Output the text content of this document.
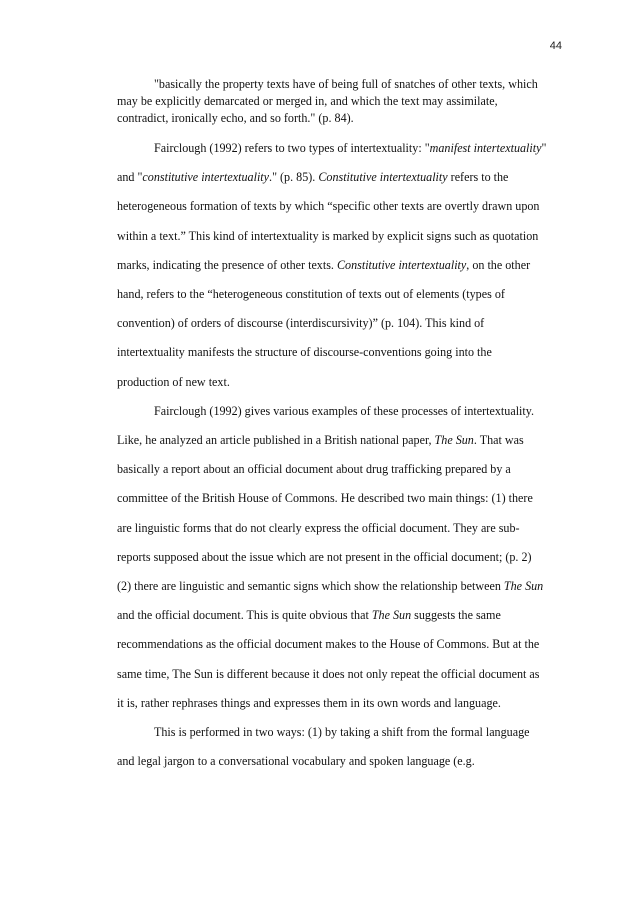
44

"basically the property texts have of being full of snatches of other texts, which may be explicitly demarcated or merged in, and which the text may assimilate, contradict, ironically echo, and so forth." (p. 84).

Fairclough (1992) refers to two types of intertextuality: "manifest intertextuality" and "constitutive intertextuality." (p. 85). Constitutive intertextuality refers to the heterogeneous formation of texts by which “specific other texts are overtly drawn upon within a text.” This kind of intertextuality is marked by explicit signs such as quotation marks, indicating the presence of other texts. Constitutive intertextuality, on the other hand, refers to the “heterogeneous constitution of texts out of elements (types of convention) of orders of discourse (interdiscursivity)” (p. 104). This kind of intertextuality manifests the structure of discourse-conventions going into the production of new text.

Fairclough (1992) gives various examples of these processes of intertextuality. Like, he analyzed an article published in a British national paper, The Sun. That was basically a report about an official document about drug trafficking prepared by a committee of the British House of Commons. He described two main things: (1) there are linguistic forms that do not clearly express the official document. They are sub-reports supposed about the issue which are not present in the official document; (p. 2) (2) there are linguistic and semantic signs which show the relationship between The Sun and the official document. This is quite obvious that The Sun suggests the same recommendations as the official document makes to the House of Commons. But at the same time, The Sun is different because it does not only repeat the official document as it is, rather rephrases things and expresses them in its own words and language.

This is performed in two ways: (1) by taking a shift from the formal language and legal jargon to a conversational vocabulary and spoken language (e.g.
